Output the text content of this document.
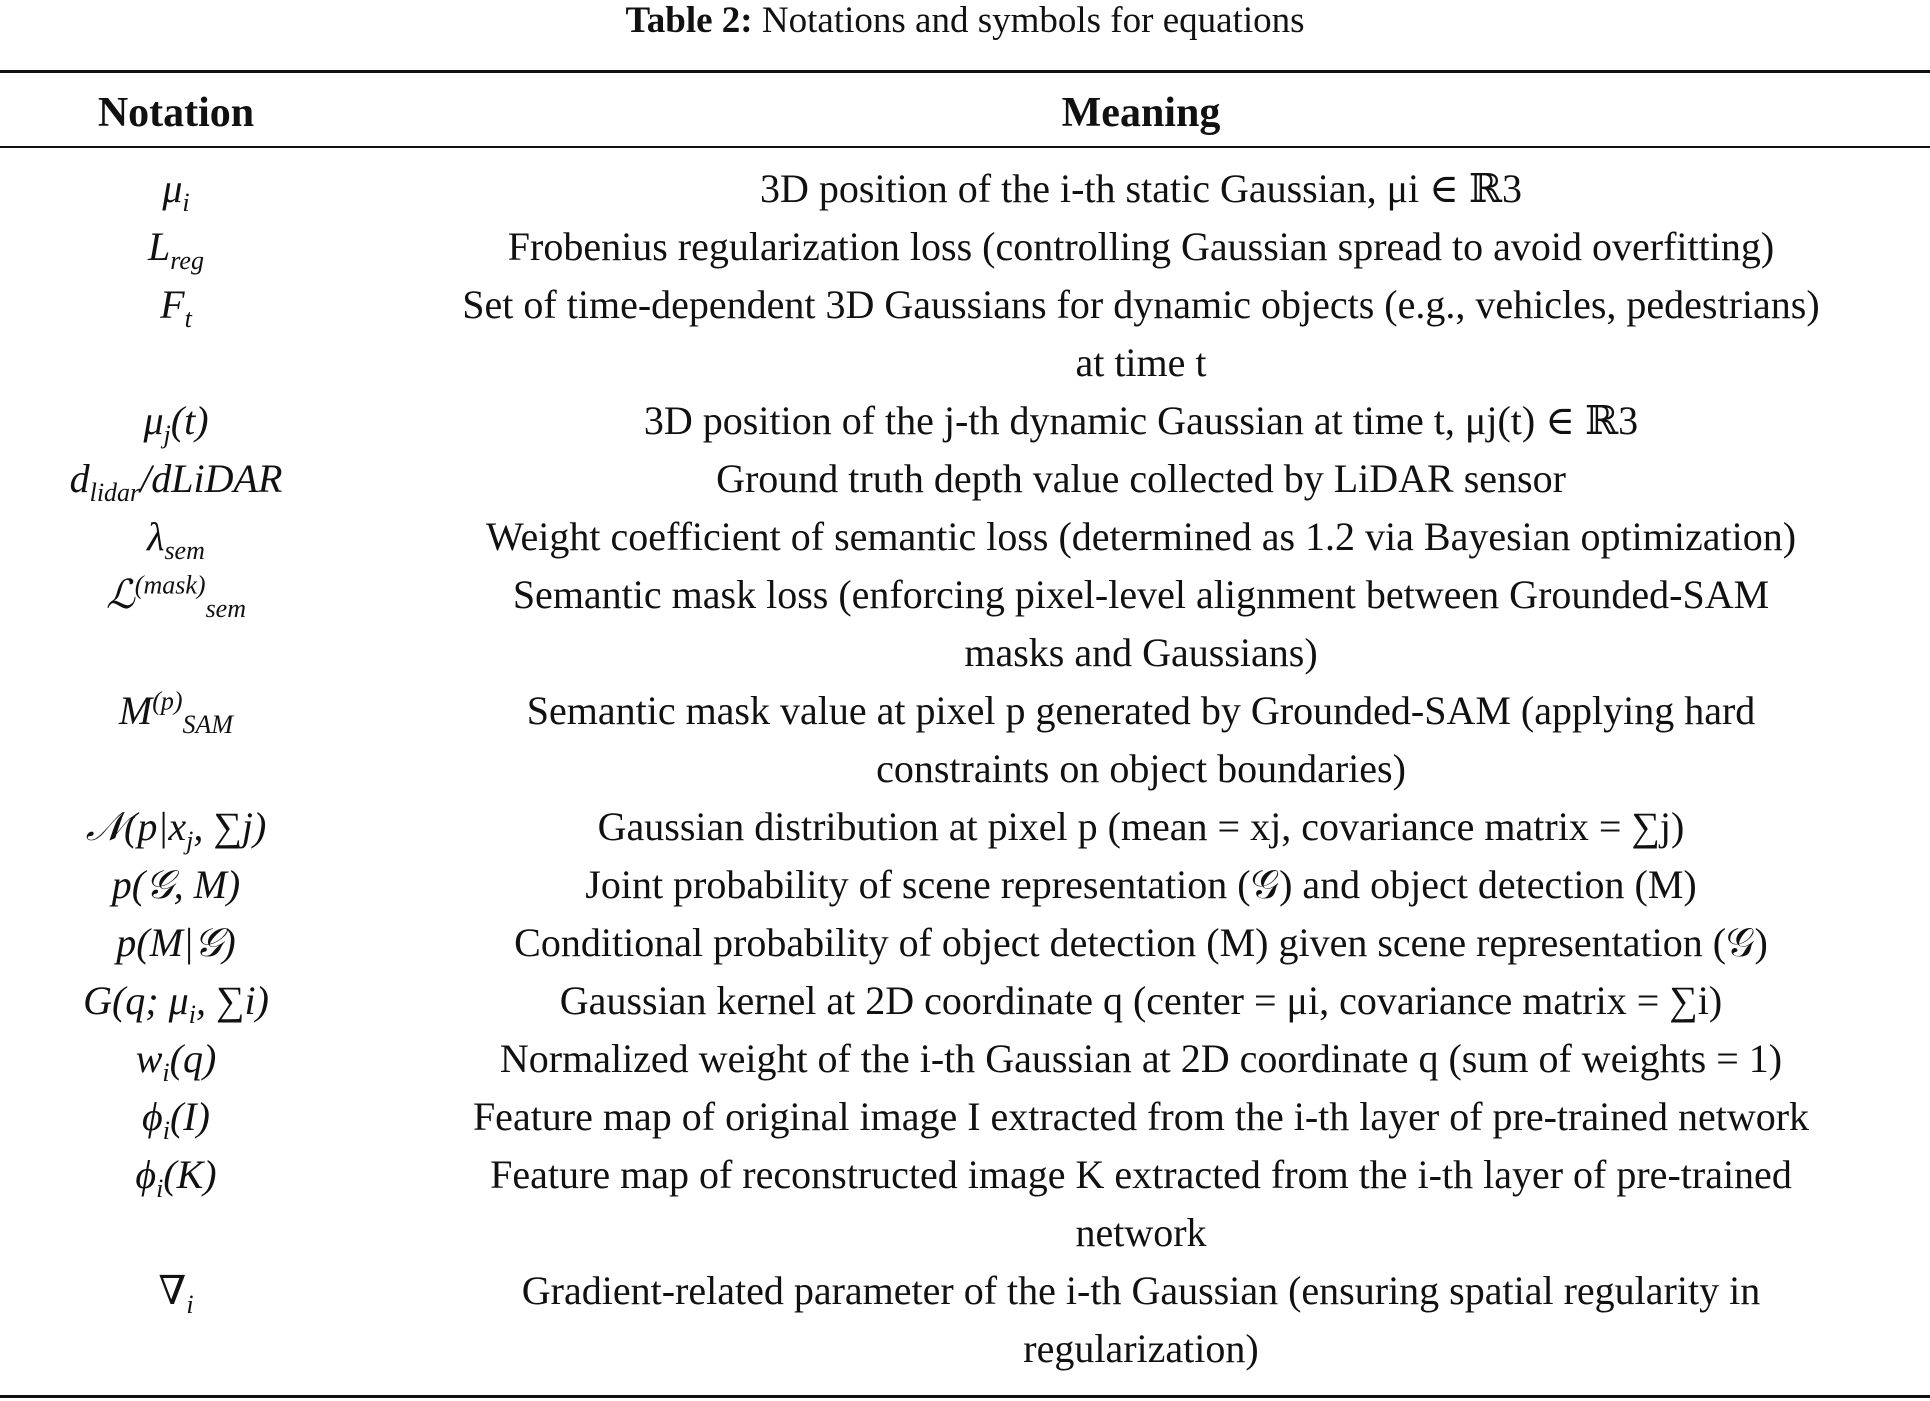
Table 2: Notations and symbols for equations
Notation	Meaning
$\mu_i$	3D position of the i-th static Gaussian, μi ∈ ℝ3
$L_{reg}$	Frobenius regularization loss (controlling Gaussian spread to avoid overfitting)
$F_t$	Set of time-dependent 3D Gaussians for dynamic objects (e.g., vehicles, pedestrians)
at time t
$\mu_j(t)$	3D position of the j-th dynamic Gaussian at time t, μj(t) ∈ ℝ3
$d_{lidar}$/dLiDAR	Ground truth depth value collected by LiDAR sensor
$\lambda_{sem}$	Weight coefficient of semantic loss (determined as 1.2 via Bayesian optimization)
ℒ$^{(mask)}_{sem}$	Semantic mask loss (enforcing pixel-level alignment between Grounded-SAM
masks and Gaussians)
$M^{(p)}_{SAM}$	Semantic mask value at pixel p generated by Grounded-SAM (applying hard
constraints on object boundaries)
$𝒩(p|x_j$, ∑j)	Gaussian distribution at pixel p (mean = xj, covariance matrix = ∑j)
p(𝒢, M)	Joint probability of scene representation (𝒢) and object detection (M)
p(M|𝒢)	Conditional probability of object detection (M) given scene representation (𝒢)
G(q; $\mu_i$, ∑i)	Gaussian kernel at 2D coordinate q (center = μi, covariance matrix = ∑i)
$w_i(q)$	Normalized weight of the i-th Gaussian at 2D coordinate q (sum of weights = 1)
$\phi_i(I)$	Feature map of original image I extracted from the i-th layer of pre-trained network
$\phi_i(K)$	Feature map of reconstructed image K extracted from the i-th layer of pre-trained
network
$\nabla_i$	Gradient-related parameter of the i-th Gaussian (ensuring spatial regularity in
regularization)
